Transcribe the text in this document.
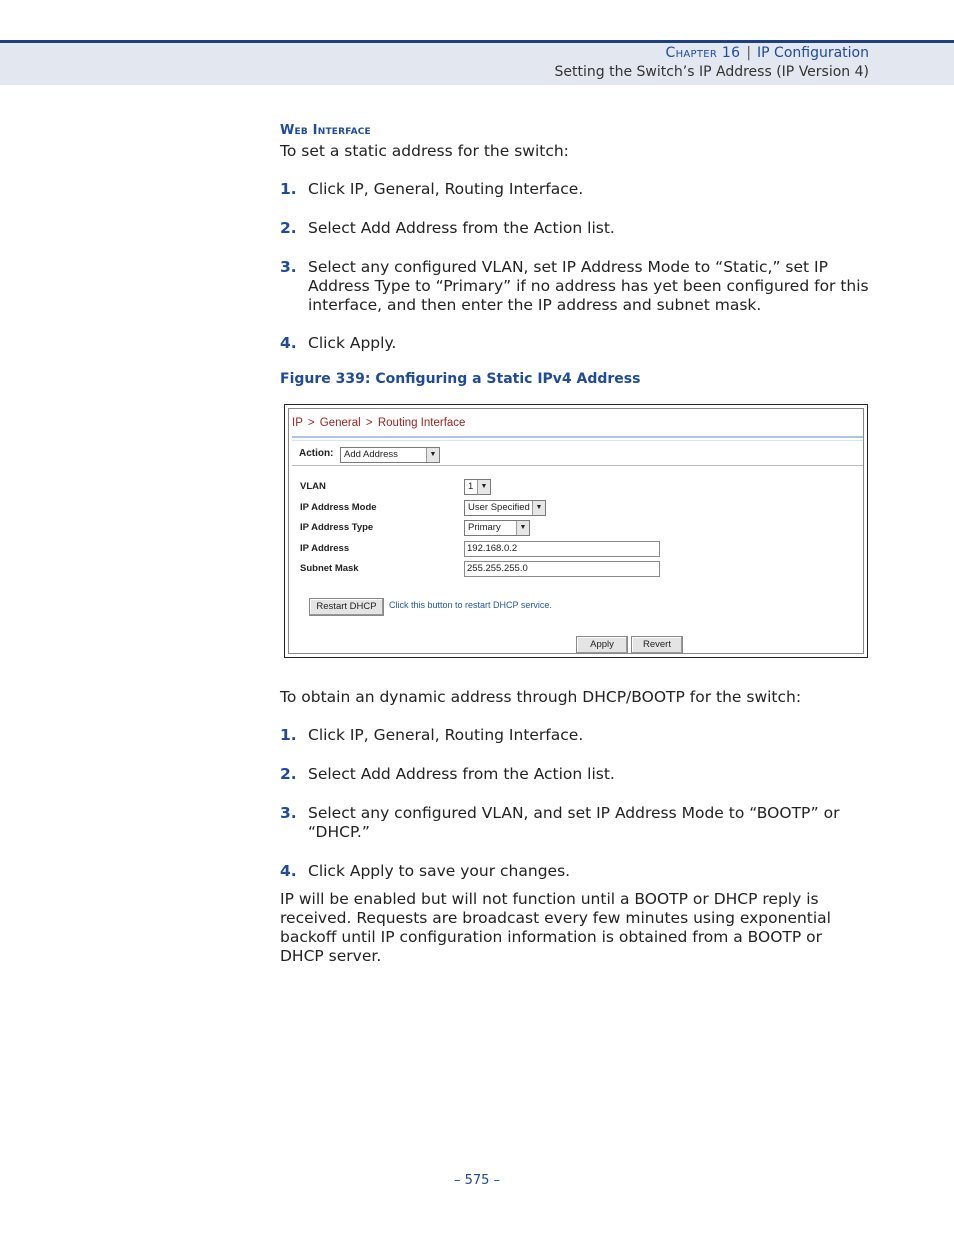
Chapter 16 | IP Configuration
Setting the Switch’s IP Address (IP Version 4)
Web Interface

To set a static address for the switch:

1. Click IP, General, Routing Interface.
2. Select Add Address from the Action list.
3. Select any configured VLAN, set IP Address Mode to “Static,” set IP Address Type to “Primary” if no address has yet been configured for this interface, and then enter the IP address and subnet mask.
4. Click Apply.
Figure 339: Configuring a Static IPv4 Address
IP > General > Routing Interface
Action:	Add Address	▼
VLAN	1	▼
IP Address Mode	User Specified ▼
IP Address Type	Primary	▼
IP Address	192.168.0.2
Subnet Mask	255.255.255.0
Restart DHCP	Click this button to restart DHCP service.
Apply	Revert

To obtain an dynamic address through DHCP/BOOTP for the switch:

1. Click IP, General, Routing Interface.
2. Select Add Address from the Action list.
3. Select any configured VLAN, and set IP Address Mode to “BOOTP” or “DHCP.”
4. Click Apply to save your changes.

IP will be enabled but will not function until a BOOTP or DHCP reply is received. Requests are broadcast every few minutes using exponential backoff until IP configuration information is obtained from a BOOTP or DHCP server.

– 575 –
